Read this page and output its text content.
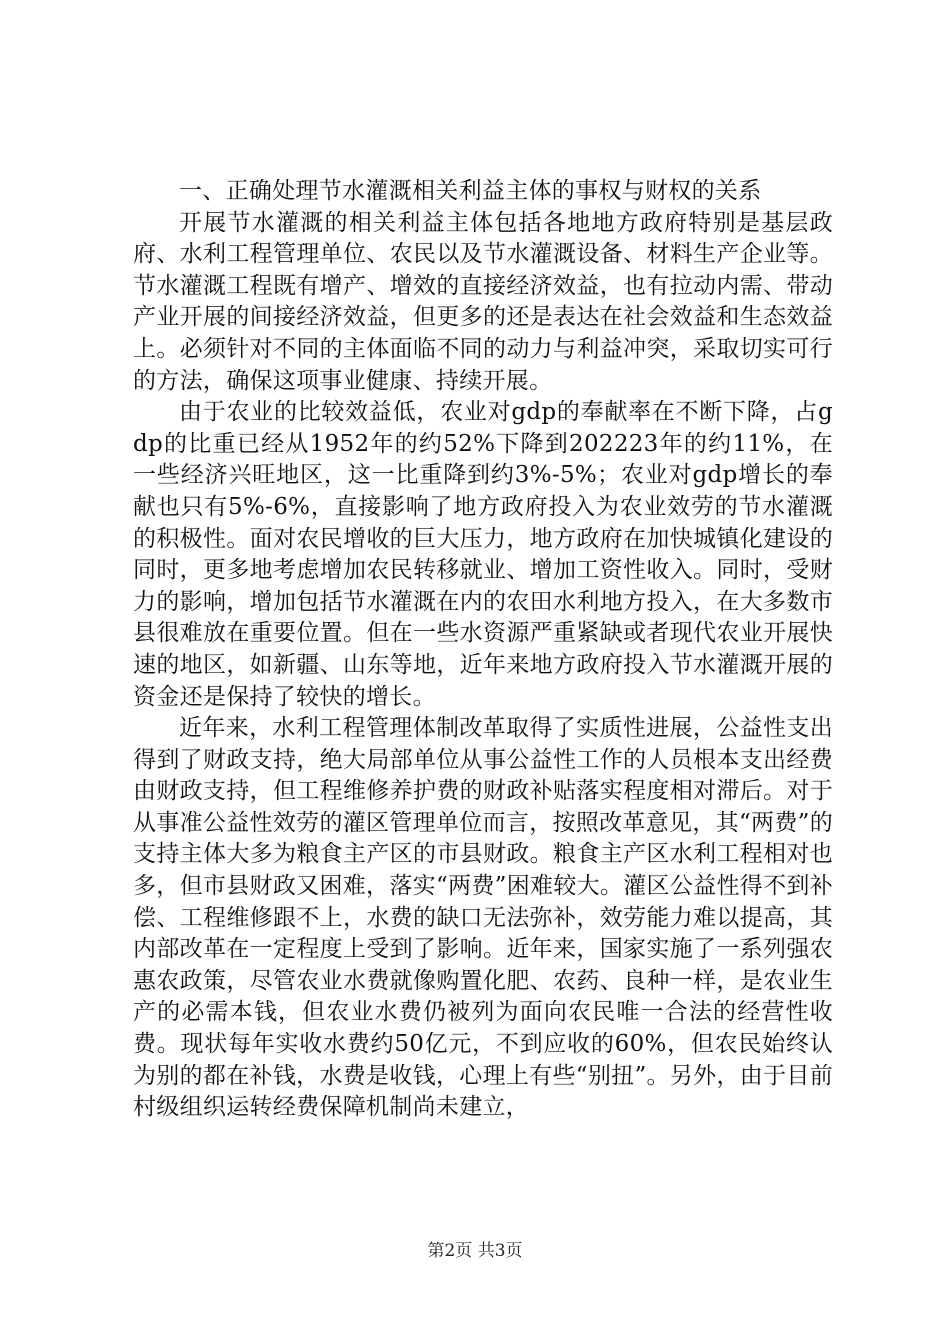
一、正确处理节水灌溉相关利益主体的事权与财权的关系

开展节水灌溉的相关利益主体包括各地地方政府特别是基层政府、水利工程管理单位、农民以及节水灌溉设备、材料生产企业等。节水灌溉工程既有增产、增效的直接经济效益，也有拉动内需、带动产业开展的间接经济效益，但更多的还是表达在社会效益和生态效益上。必须针对不同的主体面临不同的动力与利益冲突，采取切实可行的方法，确保这项事业健康、持续开展。

由于农业的比较效益低，农业对gdp的奉献率在不断下降，占gdp的比重已经从1952年的约52%下降到202223年的约11%，在一些经济兴旺地区，这一比重降到约3%-5%；农业对gdp增长的奉献也只有5%-6%，直接影响了地方政府投入为农业效劳的节水灌溉的积极性。面对农民增收的巨大压力，地方政府在加快城镇化建设的同时，更多地考虑增加农民转移就业、增加工资性收入。同时，受财力的影响，增加包括节水灌溉在内的农田水利地方投入，在大多数市县很难放在重要位置。但在一些水资源严重紧缺或者现代农业开展快速的地区，如新疆、山东等地，近年来地方政府投入节水灌溉开展的资金还是保持了较快的增长。

近年来，水利工程管理体制改革取得了实质性进展，公益性支出得到了财政支持，绝大局部单位从事公益性工作的人员根本支出经费由财政支持，但工程维修养护费的财政补贴落实程度相对滞后。对于从事准公益性效劳的灌区管理单位而言，按照改革意见，其“两费”的支持主体大多为粮食主产区的市县财政。粮食主产区水利工程相对也多，但市县财政又困难，落实“两费”困难较大。灌区公益性得不到补偿、工程维修跟不上，水费的缺口无法弥补，效劳能力难以提高，其内部改革在一定程度上受到了影响。近年来，国家实施了一系列强农惠农政策，尽管农业水费就像购置化肥、农药、良种一样，是农业生产的必需本钱，但农业水费仍被列为面向农民唯一合法的经营性收费。现状每年实收水费约50亿元，不到应收的60%，但农民始终认为别的都在补钱，水费是收钱，心理上有些“别扭”。另外，由于目前村级组织运转经费保障机制尚未建立，

第2页 共3页
